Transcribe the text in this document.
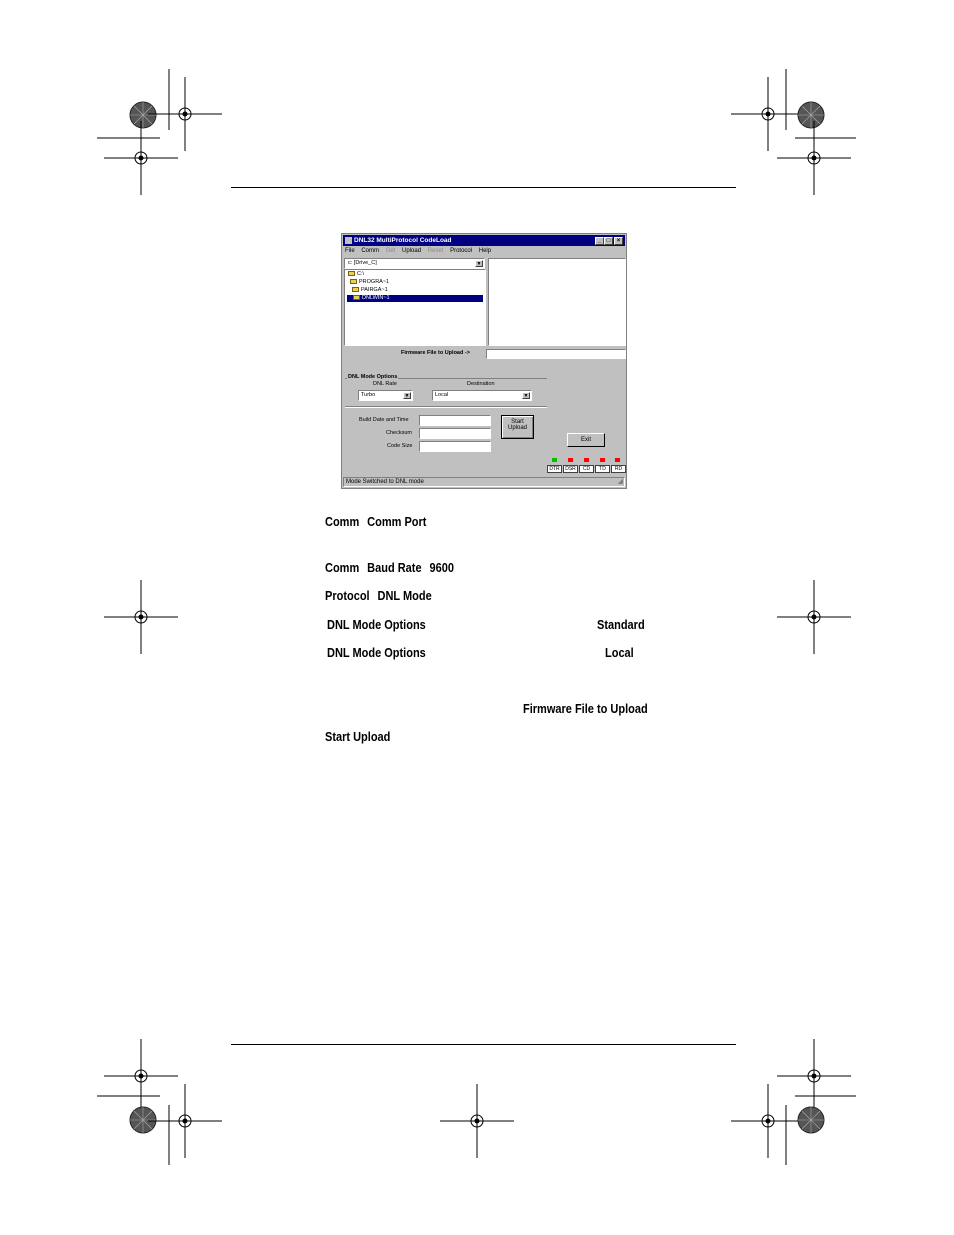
DNL32 MultiProtocol CodeLoad	_ □	×
File Comm Get Upload Reset Protocol Help
c: [Drive_C]	▼
C:\
PROGRA~1
PAIRGA~1
DNLWIN~1
Firmware File to Upload ->
DNL Mode Options
DNL Rate
Turbo	▼
Destination
Local	▼
Build Date and Time
Checksum
Code Size
Start
Upload
Exit
DTR	DSR	CD	TD	RD
Mode Switched to DNL mode	◢
Comm Comm Port
Comm Baud Rate 9600
Protocol DNL Mode
DNL Mode Options	Standard
DNL Mode Options	Local
Firmware File to Upload
Start Upload
